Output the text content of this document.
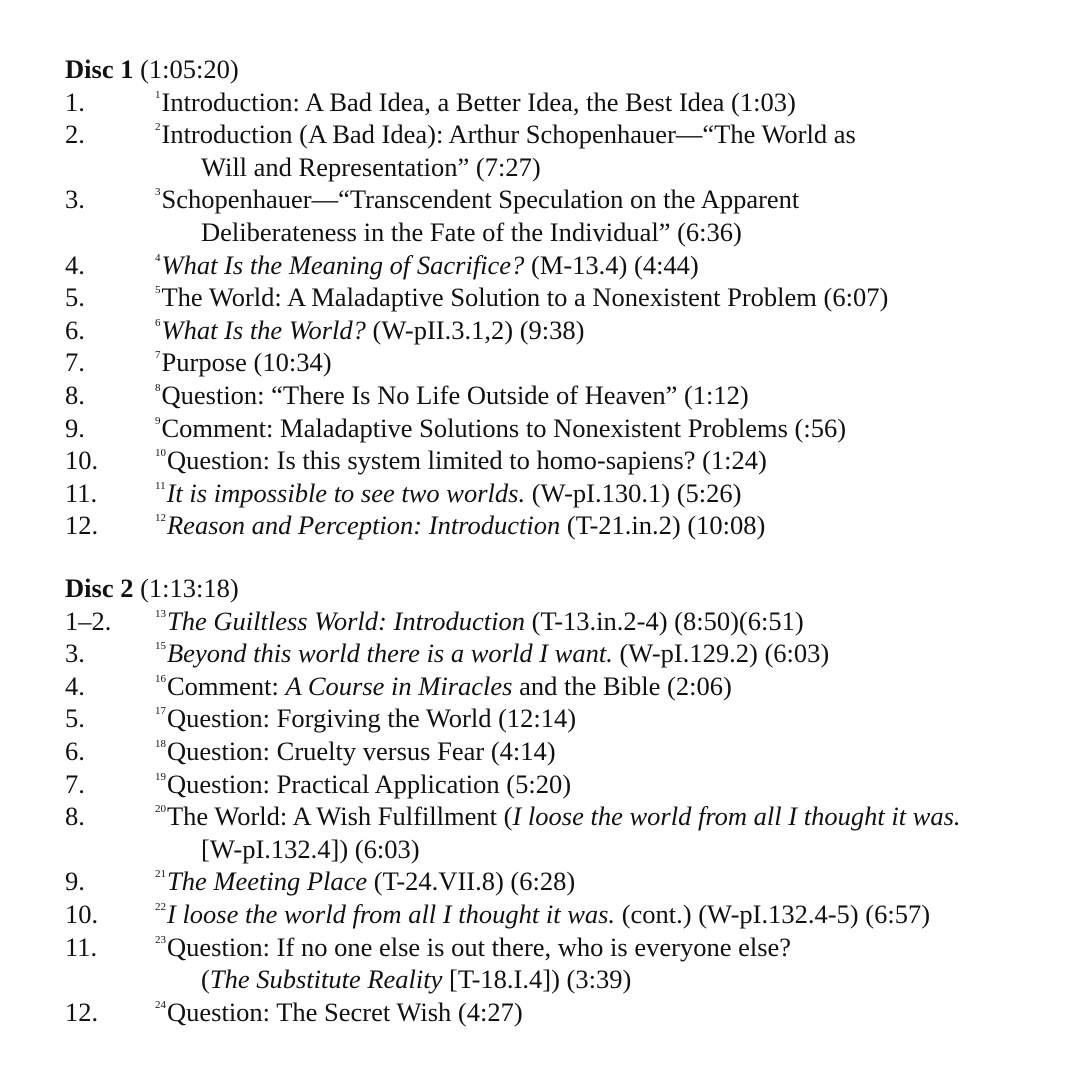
Disc 1 (1:05:20)
1.	$^1$Introduction: A Bad Idea, a Better Idea, the Best Idea (1:03)
2.	$^2$Introduction (A Bad Idea): Arthur Schopenhauer—“The World as
Will and Representation” (7:27)
3.	$^3$Schopenhauer—“Transcendent Speculation on the Apparent
Deliberateness in the Fate of the Individual” (6:36)
4.	$^4$What Is the Meaning of Sacrifice? (M-13.4) (4:44)
5.	$^5$The World: A Maladaptive Solution to a Nonexistent Problem (6:07)
6.	$^6$What Is the World? (W-pII.3.1,2) (9:38)
7.	$^7$Purpose (10:34)
8.	$^8$Question: “There Is No Life Outside of Heaven” (1:12)
9.	$^9$Comment: Maladaptive Solutions to Nonexistent Problems (:56)
10.	$^{10}$Question: Is this system limited to homo-sapiens? (1:24)
11.	$^{11}$It is impossible to see two worlds. (W-pI.130.1) (5:26)
12.	$^{12}$Reason and Perception: Introduction (T-21.in.2) (10:08)
Disc 2 (1:13:18)
1–2.	$^{13}$The Guiltless World: Introduction (T-13.in.2-4) (8:50)(6:51)
3.	$^{15}$Beyond this world there is a world I want. (W-pI.129.2) (6:03)
4.	$^{16}$Comment: A Course in Miracles and the Bible (2:06)
5.	$^{17}$Question: Forgiving the World (12:14)
6.	$^{18}$Question: Cruelty versus Fear (4:14)
7.	$^{19}$Question: Practical Application (5:20)
8.	$^{20}$The World: A Wish Fulfillment (I loose the world from all I thought it was.
[W-pI.132.4]) (6:03)
9.	$^{21}$The Meeting Place (T-24.VII.8) (6:28)
10.	$^{22}$I loose the world from all I thought it was. (cont.) (W-pI.132.4-5) (6:57)
11.	$^{23}$Question: If no one else is out there, who is everyone else?
(The Substitute Reality [T-18.I.4]) (3:39)
12.	$^{24}$Question: The Secret Wish (4:27)
